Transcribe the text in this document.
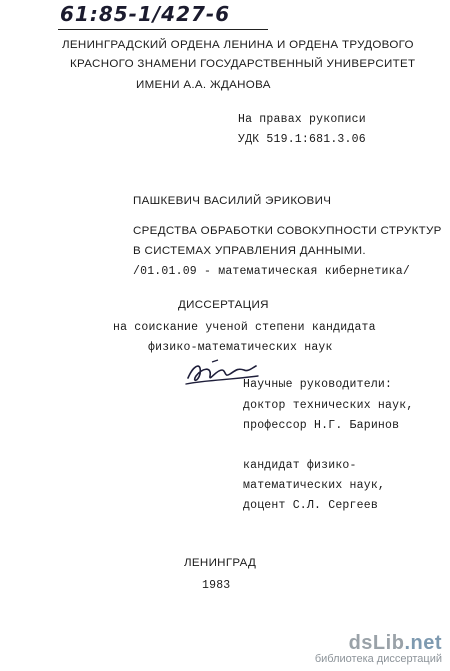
61:85-1/427-6
ЛЕНИНГРАДСКИЙ ОРДЕНА ЛЕНИНА И ОРДЕНА ТРУДОВОГО
КРАСНОГО ЗНАМЕНИ ГОСУДАРСТВЕННЫЙ УНИВЕРСИТЕТ
ИМЕНИ А.А. ЖДАНОВА
На правах рукописи
УДК 519.1:681.3.06
ПАШКЕВИЧ ВАСИЛИЙ ЭРИКОВИЧ
СРЕДСТВА ОБРАБОТКИ СОВОКУПНОСТИ СТРУКТУР
В СИСТЕМАХ УПРАВЛЕНИЯ ДАННЫМИ.
/01.01.09 - математическая кибернетика/
ДИССЕРТАЦИЯ
на соискание ученой степени кандидата
физико-математических наук
Научные руководители:
доктор технических наук,
профессор Н.Г. Баринов
кандидат физико-
математических наук,
доцент С.Л. Сергеев
ЛЕНИНГРАД
1983
dsLib.net
библиотека диссертаций
